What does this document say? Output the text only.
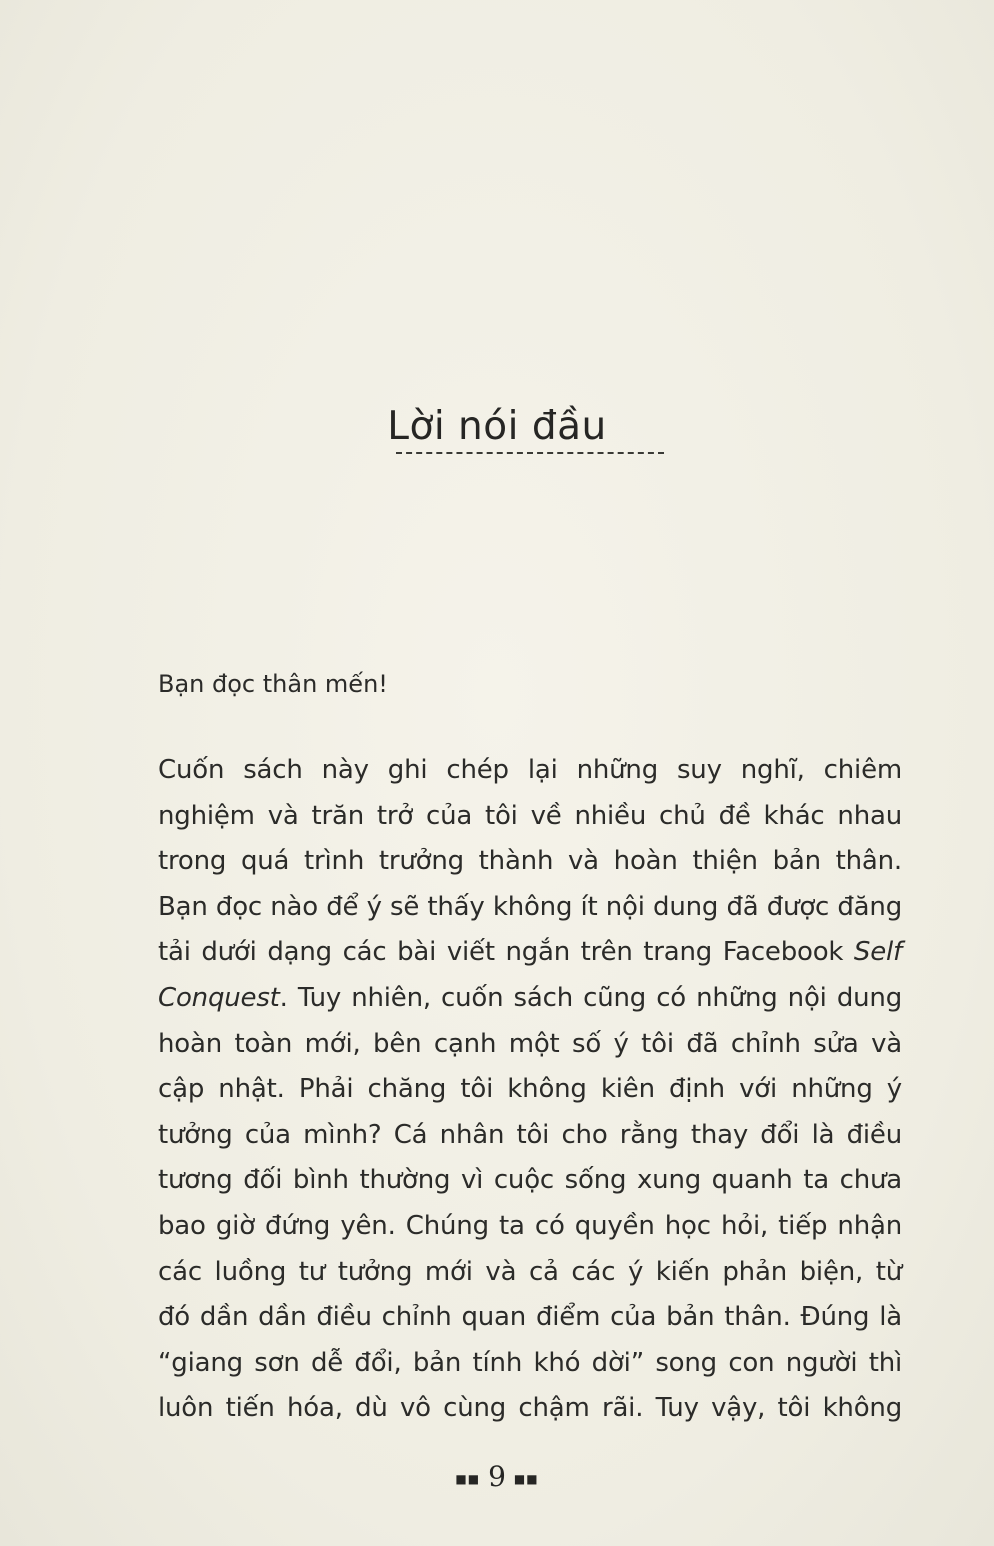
Lời nói đầu
Bạn đọc thân mến!
Cuốn sách này ghi chép lại những suy nghĩ, chiêm
nghiệm và trăn trở của tôi về nhiều chủ đề khác nhau
trong quá trình trưởng thành và hoàn thiện bản thân.
Bạn đọc nào để ý sẽ thấy không ít nội dung đã được đăng
tải dưới dạng các bài viết ngắn trên trang Facebook Self
Conquest. Tuy nhiên, cuốn sách cũng có những nội dung
hoàn toàn mới, bên cạnh một số ý tôi đã chỉnh sửa và
cập nhật. Phải chăng tôi không kiên định với những ý
tưởng của mình? Cá nhân tôi cho rằng thay đổi là điều
tương đối bình thường vì cuộc sống xung quanh ta chưa
bao giờ đứng yên. Chúng ta có quyền học hỏi, tiếp nhận
các luồng tư tưởng mới và cả các ý kiến phản biện, từ
đó dần dần điều chỉnh quan điểm của bản thân. Đúng là
“giang sơn dễ đổi, bản tính khó dời” song con người thì
luôn tiến hóa, dù vô cùng chậm rãi. Tuy vậy, tôi không
■■ 9 ■■
